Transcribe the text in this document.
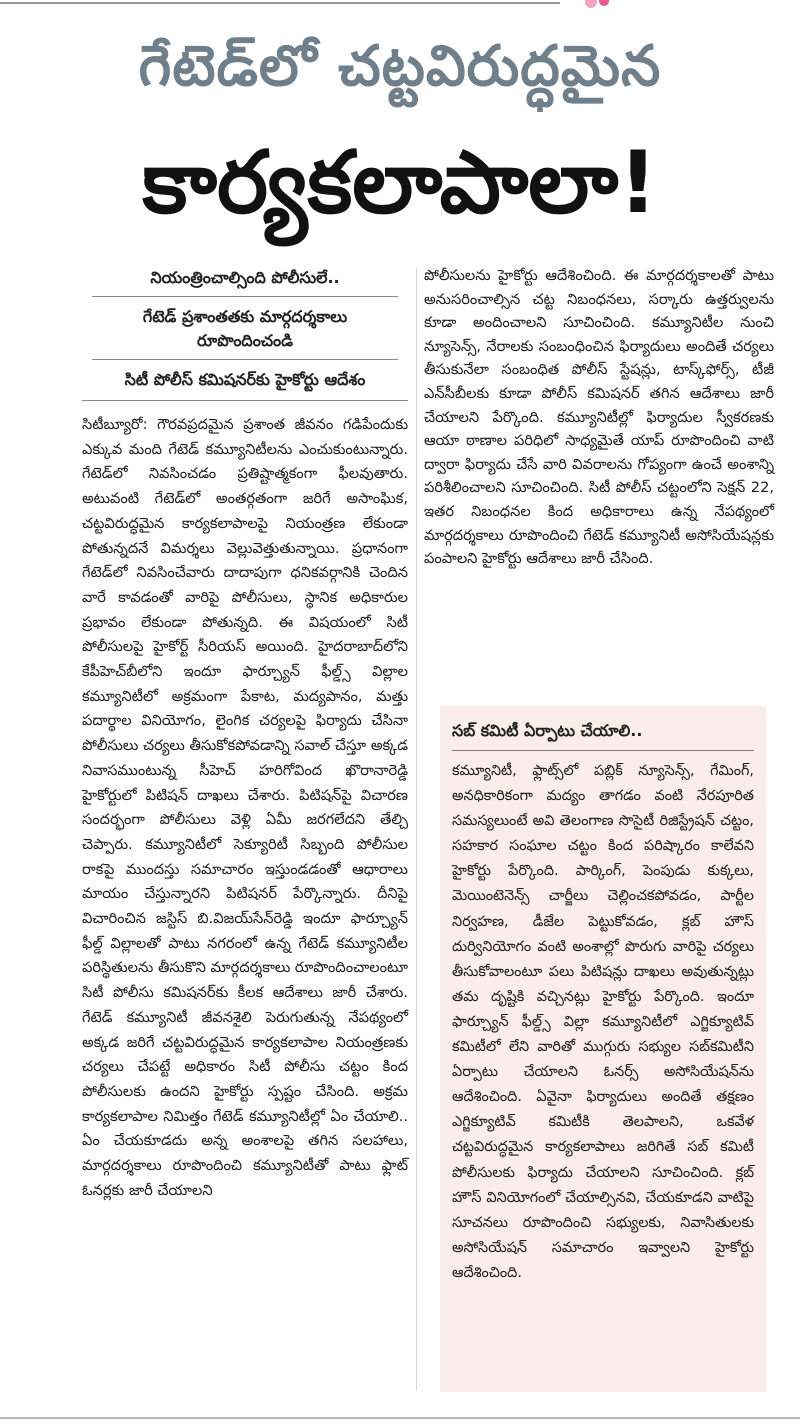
గేటెడ్‌లో చట్టవిరుద్ధమైన
కార్యకలాపాలా!
నియంత్రించాల్సింది పోలీసులే..
గేటెడ్ ప్రశాంతతకు మార్గదర్శకాలు
రూపొందించండి
సిటీ పోలీస్ కమిషనర్‌కు హైకోర్టు ఆదేశం
సిటీబ్యూరో: గౌరవప్రదమైన ప్రశాంత జీవనం గడిపేందుకు ఎక్కువ మంది గేటెడ్ కమ్యూనిటీలను ఎంచుకుంటున్నారు. గేటెడ్‌లో నివసించడం ప్రతిష్టాత్మకంగా ఫీలవుతారు. అటువంటి గేటెడ్‌లో అంతర్గతంగా జరిగే అసాంఘిక, చట్టవిరుద్ధమైన కార్యకలాపాలపై నియంత్రణ లేకుండా పోతున్నదనే విమర్శలు వెల్లువెత్తుతున్నాయి. ప్రధానంగా గేటెడ్‌లో నివసించేవారు దాదాపుగా ధనికవర్గానికి చెందిన వారే కావడంతో వారిపై పోలీసులు, స్థానిక అధికారుల ప్రభావం లేకుండా పోతున్నది. ఈ విషయంలో సిటీ పోలీసులపై హైకోర్ట్ సీరియస్ అయింది. హైదరాబాద్‌లోని కేపీహెచ్‌బీలోని ఇందూ ఫార్చ్యూన్ ఫీల్డ్స్ విల్లాల కమ్యూనిటీలో అక్రమంగా పేకాట, మద్యపానం, మత్తు పదార్థాల వినియోగం, లైంగిక చర్యలపై ఫిర్యాదు చేసినా పోలీసులు చర్యలు తీసుకోకపోవడాన్ని సవాల్ చేస్తూ అక్కడ నివాసముంటున్న సీహెచ్ హరిగోవింద ఖొరానారెడ్డి హైకోర్టులో పిటిషన్ దాఖలు చేశారు. పిటిషన్‌పై విచారణ సందర్భంగా పోలీసులు వెళ్లి ఏమీ జరగలేదని తేల్చి చెప్పారు. కమ్యూనిటీలో సెక్యూరిటీ సిబ్బంది పోలీసుల రాకపై ముందస్తు సమాచారం ఇస్తుండడంతో ఆధారాలు మాయం చేస్తున్నారని పిటిషనర్ పేర్కొన్నారు. దీనిపై విచారించిన జస్టిస్ బి.విజయ్‌సేన్‌రెడ్డి ఇందూ ఫార్చ్యూన్ ఫీల్డ్ విల్లాలతో పాటు నగరంలో ఉన్న గేటెడ్ కమ్యూనిటీల పరిస్థితులను తీసుకొని మార్గదర్శకాలు రూపొందించాలంటూ సిటీ పోలీసు కమిషనర్‌కు కీలక ఆదేశాలు జారీ చేశారు. గేటెడ్ కమ్యూనిటీ జీవనశైలి పెరుగుతున్న నేపథ్యంలో అక్కడ జరిగే చట్టవిరుద్ధమైన కార్యకలాపాల నియంత్రణకు చర్యలు చేపట్టే అధికారం సిటీ పోలీసు చట్టం కింద పోలీసులకు ఉందని హైకోర్టు స్పష్టం చేసింది. అక్రమ కార్యకలాపాల నిమిత్తం గేటెడ్ కమ్యూనిటీల్లో ఏం చేయాలి.. ఏం చేయకూడదు అన్న అంశాలపై తగిన సలహాలు, మార్గదర్శకాలు రూపొందించి కమ్యూనిటీతో పాటు ఫ్లాట్ ఓనర్లకు జారీ చేయాలని
పోలీసులను హైకోర్టు ఆదేశించింది. ఈ మార్గదర్శకాలతో పాటు అనుసరించాల్సిన చట్ట నిబంధనలు, సర్కారు ఉత్తర్వులను కూడా అందించాలని సూచించింది. కమ్యూనిటీల నుంచి న్యూసెన్స్, నేరాలకు సంబంధించిన ఫిర్యాదులు అందితే చర్యలు తీసుకునేలా సంబంధిత పోలీస్ స్టేషన్లు, టాస్క్‌ఫోర్స్, టీజీ ఎన్‌సీబీలకు కూడా పోలీస్ కమిషనర్ తగిన ఆదేశాలు జారీ చేయాలని పేర్కొంది. కమ్యూనిటీల్లో ఫిర్యాదుల స్వీకరణకు ఆయా ఠాణాల పరిధిలో సాధ్యమైతే యాప్ రూపొందించి వాటి ద్వారా ఫిర్యాదు చేసే వారి వివరాలను గోప్యంగా ఉంచే అంశాన్ని పరిశీలించాలని సూచించింది. సిటీ పోలీస్ చట్టంలోని సెక్షన్ 22, ఇతర నిబంధనల కింద అధికారాలు ఉన్న నేపథ్యంలో మార్గదర్శకాలు రూపొందించి గేటెడ్ కమ్యూనిటీ అసోసియేషన్లకు పంపాలని హైకోర్టు ఆదేశాలు జారీ చేసింది.
సబ్ కమిటీ ఏర్పాటు చేయాలి..
కమ్యూనిటీ, ఫ్లాట్స్‌లో పబ్లిక్ న్యూసెన్స్, గేమింగ్, అనధికారికంగా మద్యం తాగడం వంటి నేరపూరిత సమస్యలుంటే అవి తెలంగాణ సొసైటీ రిజిస్ట్రేషన్ చట్టం, సహకార సంఘాల చట్టం కింద పరిష్కారం కాలేవని హైకోర్టు పేర్కొంది. పార్కింగ్, పెంపుడు కుక్కలు, మెయింటెనెన్స్ చార్జీలు చెల్లించకపోవడం, పార్టీల నిర్వహణ, డీజేల పెట్టుకోవడం, క్లబ్ హౌస్ దుర్వినియోగం వంటి అంశాల్లో పొరుగు వారిపై చర్యలు తీసుకోవాలంటూ పలు పిటిషన్లు దాఖలు అవుతున్నట్లు తమ దృష్టికి వచ్చినట్లు హైకోర్టు పేర్కొంది. ఇందూ ఫార్చ్యూన్ ఫీల్డ్స్ విల్లా కమ్యూనిటీలో ఎగ్జిక్యూటివ్ కమిటీలో లేని వారితో ముగ్గురు సభ్యుల సబ్‌కమిటీని ఏర్పాటు చేయాలని ఓనర్స్ అసోసియేషన్‌ను ఆదేశించింది. ఏవైనా ఫిర్యాదులు అందితే తక్షణం ఎగ్జిక్యూటివ్ కమిటీకి తెలపాలని, ఒకవేళ చట్టవిరుద్ధమైన కార్యకలాపాలు జరిగితే సబ్ కమిటీ పోలీసులకు ఫిర్యాదు చేయాలని సూచించింది. క్లబ్ హౌస్ వినియోగంలో చేయాల్సినవి, చేయకూడని వాటిపై సూచనలు రూపొందించి సభ్యులకు, నివాసితులకు అసోసియేషన్ సమాచారం ఇవ్వాలని హైకోర్టు ఆదేశించింది.
